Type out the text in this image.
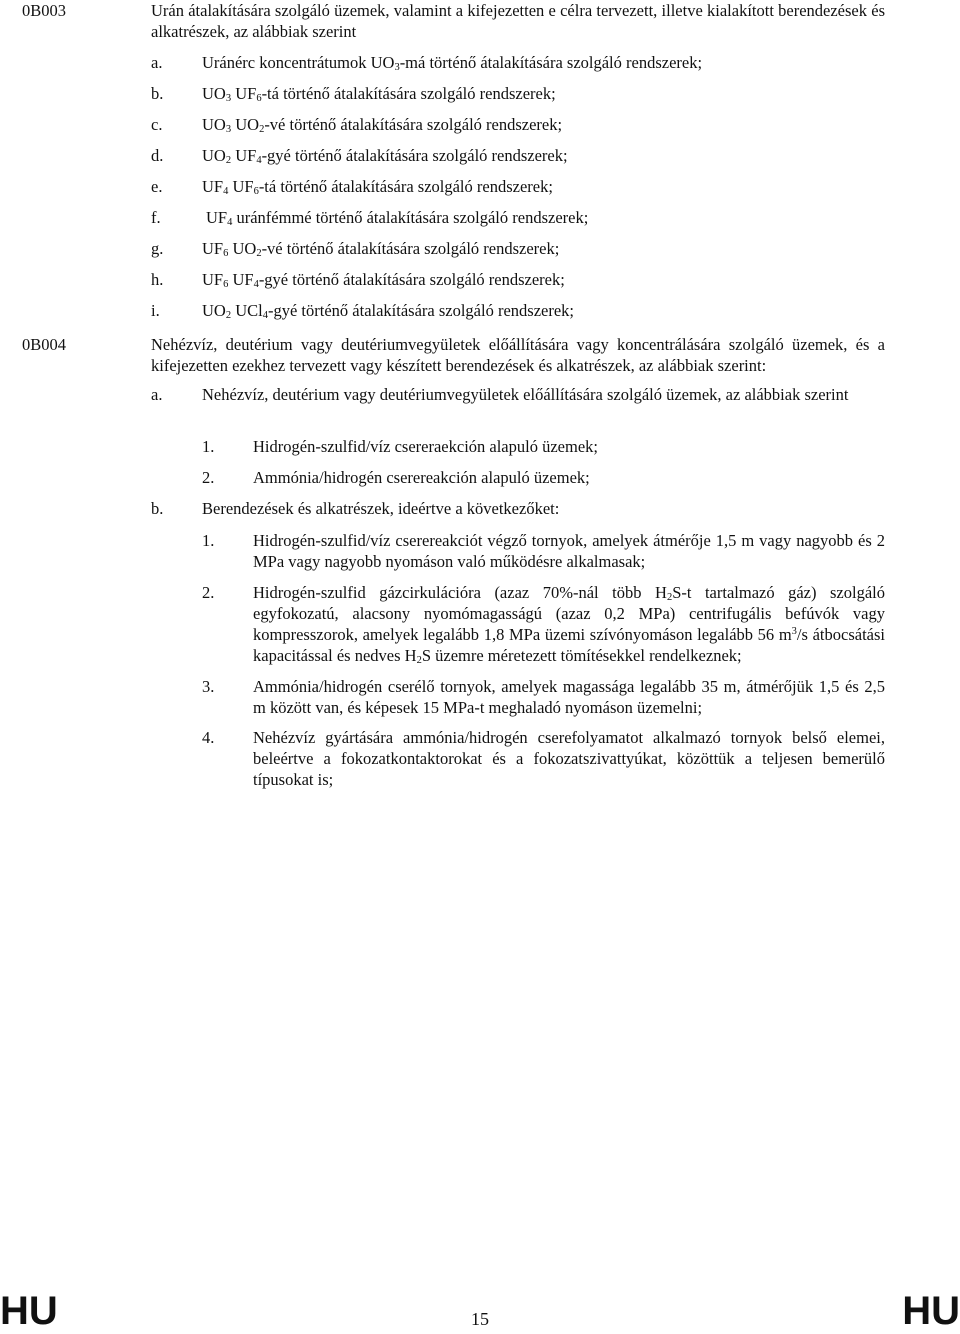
0B003	Urán átalakítására szolgáló üzemek, valamint a kifejezetten e célra tervezett, illetve kialakított berendezések és alkatrészek, az alábbiak szerint
a. Uránérc koncentrátumok $UO_3-má$ történő átalakítására szolgáló rendszerek;
b. $UO_3$ $UF_6-tá$ történő átalakítására szolgáló rendszerek;
c. $UO_3$ $UO_2-vé$ történő átalakítására szolgáló rendszerek;
d. $UO_2$ $UF_4$-gyé történő átalakítására szolgáló rendszerek;
e. $UF_4$ $UF_6-tá$ történő átalakítására szolgáló rendszerek;
f.	$UF_4$ uránfémmé történő átalakítására szolgáló rendszerek;
g. $UF_6$ $UO_2-vé$ történő átalakítására szolgáló rendszerek;
h. $UF_6$ $UF_4$-gyé történő átalakítására szolgáló rendszerek;
i.	$UO_2$ UCl$_4$-gyé történő átalakítására szolgáló rendszerek;
0B004	Nehézvíz, deutérium vagy deutériumvegyületek előállítására vagy koncentrálására szolgáló üzemek, és a kifejezetten ezekhez tervezett vagy készített berendezések és alkatrészek, az alábbiak szerint:
a. Nehézvíz, deutérium vagy deutériumvegyületek előállítására szolgáló üzemek, az alábbiak szerint
1. Hidrogén-szulfid/víz csereraekción alapuló üzemek;
2. Ammónia/hidrogén cserereakción alapuló üzemek;
b. Berendezések és alkatrészek, ideértve a következőket:
1. Hidrogén-szulfid/víz cserereakciót végző tornyok, amelyek átmérője 1,5 m vagy nagyobb és 2 MPa vagy nagyobb nyomáson való működésre alkalmasak;
2. Hidrogén-szulfid gázcirkulációra (azaz 70%-nál több $H_2S-t$ tartalmazó gáz) szolgáló egyfokozatú, alacsony nyomómagasságú (azaz 0,2 MPa) centrifugális befúvók vagy kompresszorok, amelyek legalább 1,8 MPa üzemi szívónyomáson legalább 56 $m^3/s$ átbocsátási kapacitással és nedves $H_2S$ üzemre méretezett tömítésekkel rendelkeznek;
3. Ammónia/hidrogén cserélő tornyok, amelyek magassága legalább 35 m, átmérőjük 1,5 és 2,5 m között van, és képesek 15 MPa-t meghaladó nyomáson üzemelni;
4. Nehézvíz gyártására ammónia/hidrogén cserefolyamatot alkalmazó tornyok belső elemei, beleértve a fokozatkontaktorokat és a fokozatszivattyúkat, közöttük a teljesen bemerülő típusokat is;
HU	15	HU
